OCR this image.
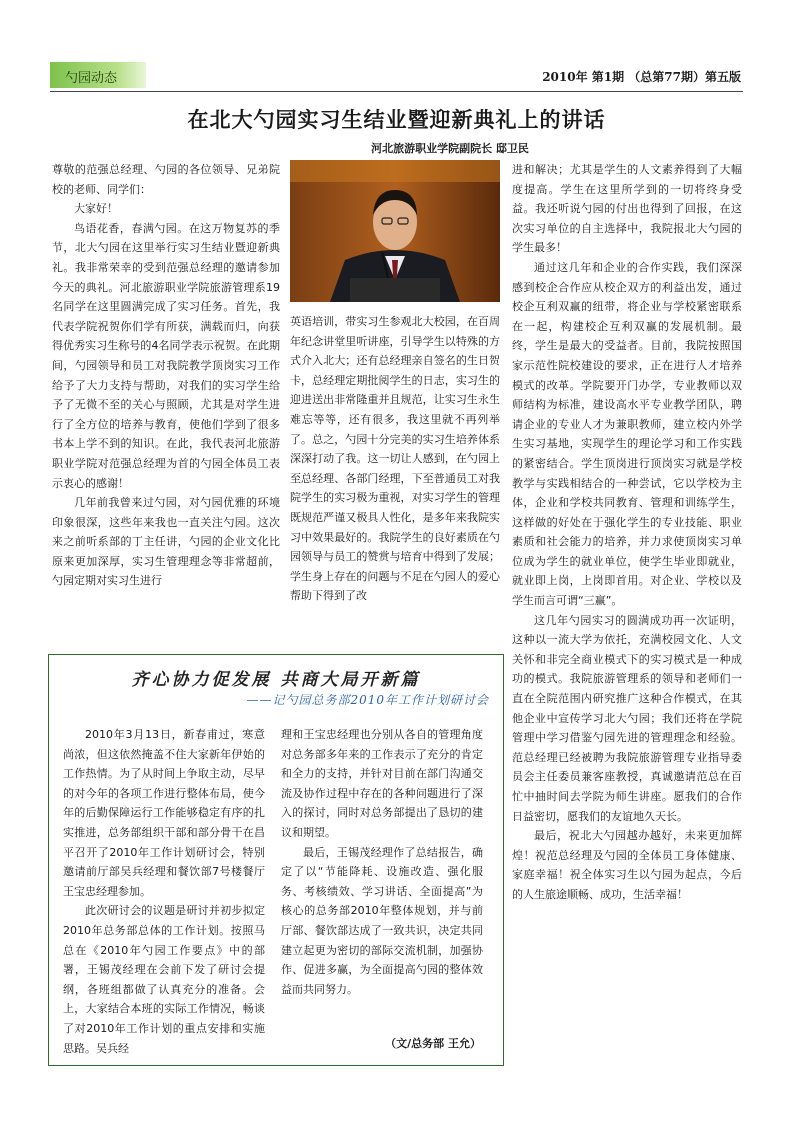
勺园动态	2010年 第1期 （总第77期）第五版
在北大勺园实习生结业暨迎新典礼上的讲话
河北旅游职业学院副院长 邸卫民

尊敬的范强总经理、勺园的各位领导、兄弟院校的老师、同学们：

大家好！

鸟语花香，春满勺园。在这万物复苏的季节，北大勺园在这里举行实习生结业暨迎新典礼。我非常荣幸的受到范强总经理的邀请参加今天的典礼。河北旅游职业学院旅游管理系19名同学在这里圆满完成了实习任务。首先，我代表学院祝贺你们学有所获，满载而归，向获得优秀实习生称号的4名同学表示祝贺。在此期间，勺园领导和员工对我院教学顶岗实习工作给予了大力支持与帮助，对我们的实习学生给予了无微不至的关心与照顾，尤其是对学生进行了全方位的培养与教育，使他们学到了很多书本上学不到的知识。在此，我代表河北旅游职业学院对范强总经理为首的勺园全体员工表示衷心的感谢！

几年前我曾来过勺园，对勺园优雅的环境印象很深，这些年来我也一直关注勺园。这次来之前听系部的丁主任讲，勺园的企业文化比原来更加深厚，实习生管理理念等非常超前，勺园定期对实习生进行

英语培训，带实习生参观北大校园，在百周年纪念讲堂里听讲座，引导学生以特殊的方式介入北大；还有总经理亲自签名的生日贺卡，总经理定期批阅学生的日志，实习生的迎进送出非常隆重并且规范，让实习生永生难忘等等，还有很多，我这里就不再列举了。总之，勺园十分完美的实习生培养体系深深打动了我。这一切让人感到，在勺园上至总经理、各部门经理，下至普通员工对我院学生的实习极为重视，对实习学生的管理既规范严谨又极具人性化，是多年来我院实习中效果最好的。我院学生的良好素质在勺园领导与员工的赞赏与培育中得到了发展；学生身上存在的问题与不足在勺园人的爱心帮助下得到了改

进和解决；尤其是学生的人文素养得到了大幅度提高。学生在这里所学到的一切将终身受益。我还听说勺园的付出也得到了回报，在这次实习单位的自主选择中，我院报北大勺园的学生最多！

通过这几年和企业的合作实践，我们深深感到校企合作应从校企双方的利益出发，通过校企互利双赢的纽带，将企业与学校紧密联系在一起，构建校企互利双赢的发展机制。最终，学生是最大的受益者。目前，我院按照国家示范性院校建设的要求，正在进行人才培养模式的改革。学院要开门办学，专业教师以双师结构为标准，建设高水平专业教学团队，聘请企业的专业人才为兼职教师，建立校内外学生实习基地，实现学生的理论学习和工作实践的紧密结合。学生顶岗进行顶岗实习就是学校教学与实践相结合的一种尝试，它以学校为主体，企业和学校共同教育、管理和训练学生，这样做的好处在于强化学生的专业技能、职业素质和社会能力的培养，并力求使顶岗实习单位成为学生的就业单位，使学生毕业即就业，就业即上岗，上岗即首用。对企业、学校以及学生而言可谓“三赢”。

这几年勺园实习的圆满成功再一次证明，这种以一流大学为依托，充满校园文化、人文关怀和非完全商业模式下的实习模式是一种成功的模式。我院旅游管理系的领导和老师们一直在全院范围内研究推广这种合作模式，在其他企业中宣传学习北大勺园；我们还将在学院管理中学习借鉴勺园先进的管理理念和经验。范总经理已经被聘为我院旅游管理专业指导委员会主任委员兼客座教授，真诚邀请范总在百忙中抽时间去学院为师生讲座。愿我们的合作日益密切，愿我们的友谊地久天长。

最后，祝北大勺园越办越好，未来更加辉煌！祝范总经理及勺园的全体员工身体健康、家庭幸福！祝全体实习生以勺园为起点，今后的人生旅途顺畅、成功，生活幸福！

齐心协力促发展 共商大局开新篇
——记勺园总务部2010年工作计划研讨会

2010年3月13日，新春甫过，寒意尚浓，但这依然掩盖不住大家新年伊始的工作热情。为了从时间上争取主动，尽早的对今年的各项工作进行整体布局，使今年的后勤保障运行工作能够稳定有序的扎实推进，总务部组织干部和部分骨干在昌平召开了2010年工作计划研讨会，特别邀请前厅部吴兵经理和餐饮部7号楼餐厅王宝忠经理参加。

此次研讨会的议题是研讨并初步拟定2010年总务部总体的工作计划。按照马总在《2010年勺园工作要点》中的部署，王锡茂经理在会前下发了研讨会提纲，各班组都做了认真充分的准备。会上，大家结合本班的实际工作情况，畅谈了对2010年工作计划的重点安排和实施思路。吴兵经

理和王宝忠经理也分别从各自的管理角度对总务部多年来的工作表示了充分的肯定和全力的支持，并针对目前在部门沟通交流及协作过程中存在的各种问题进行了深入的探讨，同时对总务部提出了恳切的建议和期望。

最后，王锡茂经理作了总结报告，确定了以“节能降耗、设施改造、强化服务、考核绩效、学习讲话、全面提高”为核心的总务部2010年整体规划，并与前厅部、餐饮部达成了一致共识，决定共同建立起更为密切的部际交流机制，加强协作、促进多赢，为全面提高勺园的整体效益而共同努力。

（文/总务部 王允）
